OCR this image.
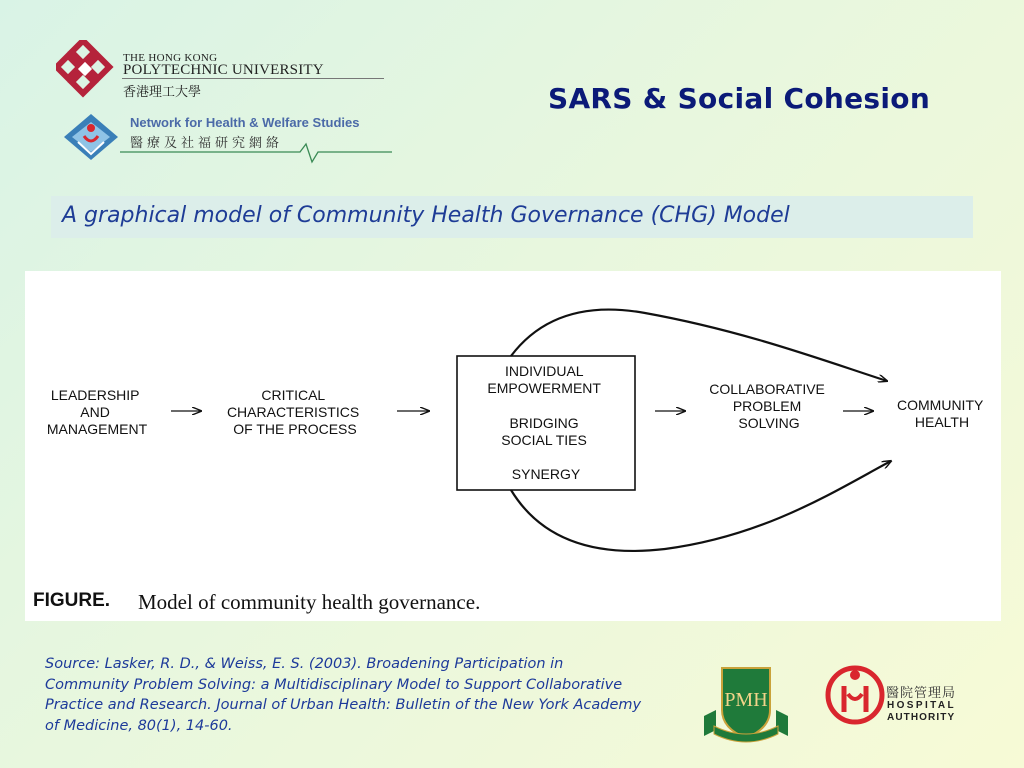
THE HONG KONG
POLYTECHNIC UNIVERSITY
香港理工大學
Network for Health & Welfare Studies
醫療及社福研究網絡
SARS & Social Cohesion
A graphical model of Community Health Governance (CHG) Model
LEADERSHIP AND MANAGEMENT
CRITICAL CHARACTERISTICS OF THE PROCESS
INDIVIDUAL EMPOWERMENT BRIDGING SOCIAL TIES SYNERGY
COLLABORATIVE PROBLEM SOLVING
COMMUNITY HEALTH
FIGURE. Model of community health governance.
Source: Lasker, R. D., & Weiss, E. S. (2003). Broadening Participation in Community Problem Solving: a Multidisciplinary Model to Support Collaborative Practice and Research. Journal of Urban Health: Bulletin of the New York Academy of Medicine, 80(1), 14-60.
PMH	醫院管理局
HOSPITAL
AUTHORITY
